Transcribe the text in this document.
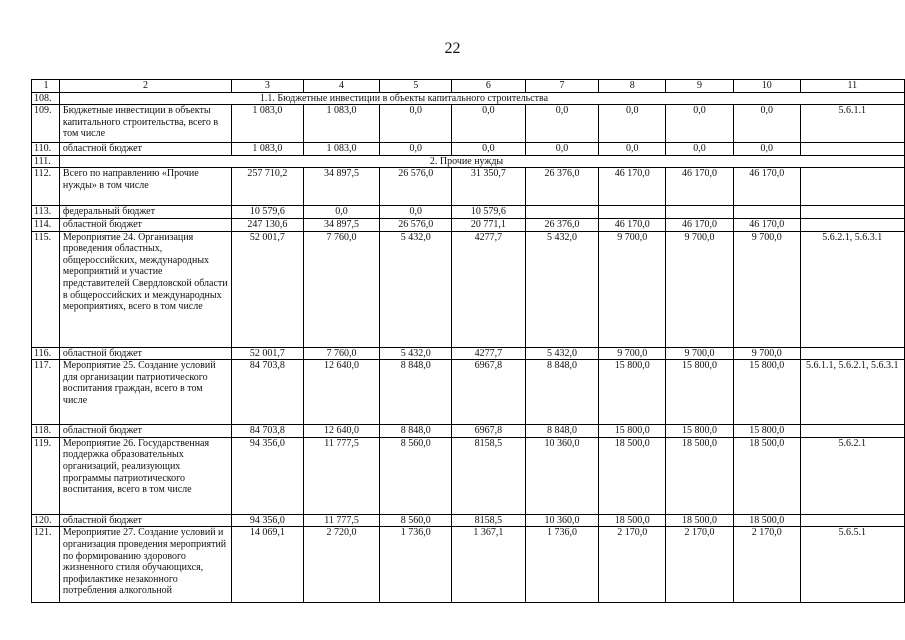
22
1	2	3	4	5	6	7	8	9	10	11
108.	1.1. Бюджетные инвестиции в объекты капитального строительства									
109.	Бюджетные инвестиции в объекты капитального строительства, всего в том числе	1 083,0	1 083,0	0,0	0,0	0,0	0,0	0,0	0,0	5.6.1.1
110.	областной бюджет	1 083,0	1 083,0	0,0	0,0	0,0	0,0	0,0	0,0	
111.	2. Прочие нужды									
112.	Всего по направлению «Прочие нужды» в том числе	257 710,2	34 897,5	26 576,0	31 350,7	26 376,0	46 170,0	46 170,0	46 170,0	
113.	федеральный бюджет	10 579,6	0,0	0,0	10 579,6					
114.	областной бюджет	247 130,6	34 897,5	26 576,0	20 771,1	26 376,0	46 170,0	46 170,0	46 170,0	
115.	Мероприятие 24. Организация проведения областных, общероссийских, международных мероприятий и участие представителей Свердловской области в общероссийских и международных мероприятиях, всего в том числе	52 001,7	7 760,0	5 432,0	4277,7	5 432,0	9 700,0	9 700,0	9 700,0	5.6.2.1, 5.6.3.1
116.	областной бюджет	52 001,7	7 760,0	5 432,0	4277,7	5 432,0	9 700,0	9 700,0	9 700,0	
117.	Мероприятие 25. Создание условий для организации патриотического воспитания граждан, всего в том числе	84 703,8	12 640,0	8 848,0	6967,8	8 848,0	15 800,0	15 800,0	15 800,0	5.6.1.1, 5.6.2.1, 5.6.3.1
118.	областной бюджет	84 703,8	12 640,0	8 848,0	6967,8	8 848,0	15 800,0	15 800,0	15 800,0	
119.	Мероприятие 26. Государственная поддержка образовательных организаций, реализующих программы патриотического воспитания, всего в том числе	94 356,0	11 777,5	8 560,0	8158,5	10 360,0	18 500,0	18 500,0	18 500,0	5.6.2.1
120.	областной бюджет	94 356,0	11 777,5	8 560,0	8158,5	10 360,0	18 500,0	18 500,0	18 500,0	
121.	Мероприятие 27. Создание условий и организация проведения мероприятий по формированию здорового жизненного стиля обучающихся, профилактике незаконного потребления алкогольной	14 069,1	2 720,0	1 736,0	1 367,1	1 736,0	2 170,0	2 170,0	2 170,0	5.6.5.1
